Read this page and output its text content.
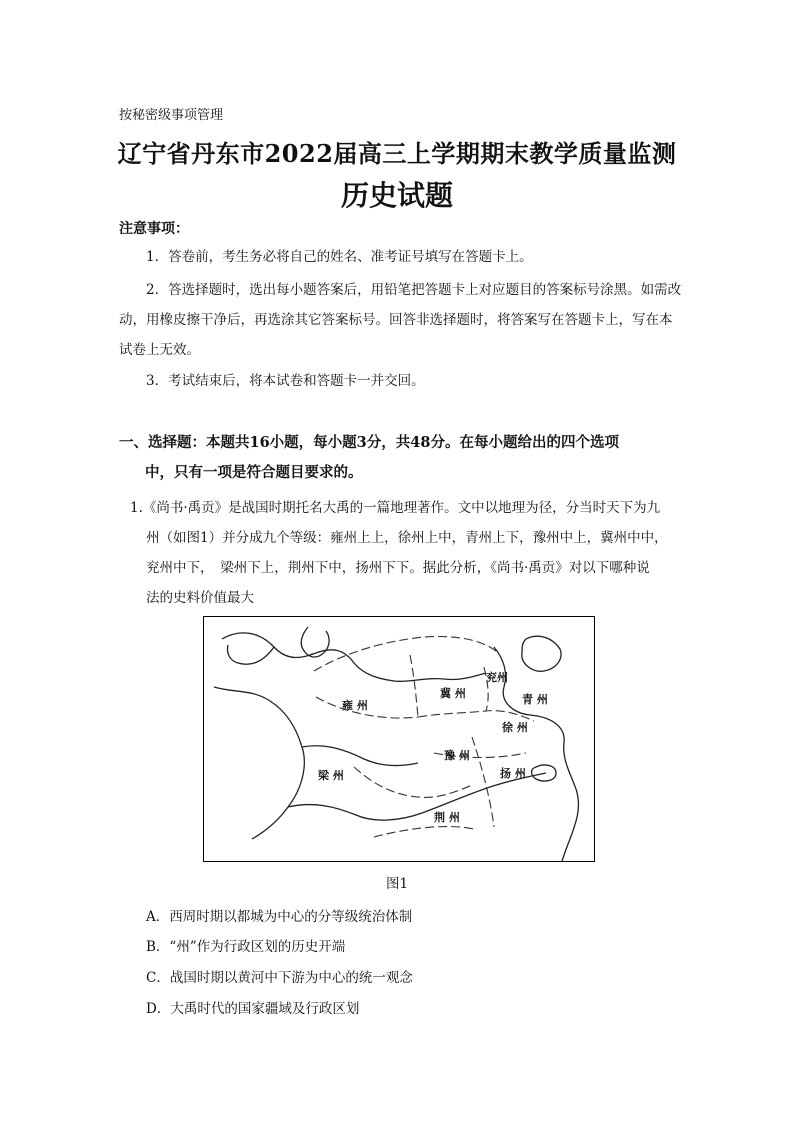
按秘密级事项管理
辽宁省丹东市2022届高三上学期期末教学质量监测
历史试题
注意事项：
1．答卷前，考生务必将自己的姓名、准考证号填写在答题卡上。
2．答选择题时，选出每小题答案后，用铅笔把答题卡上对应题目的答案标号涂黑。如需改动，用橡皮擦干净后，再选涂其它答案标号。回答非选择题时，将答案写在答题卡上，写在本试卷上无效。
3．考试结束后，将本试卷和答题卡一并交回。
一、选择题：本题共16小题，每小题3分，共48分。在每小题给出的四个选项
中，只有一项是符合题目要求的。
1.《尚书·禹贡》是战国时期托名大禹的一篇地理著作。文中以地理为径，分当时天下为九
州（如图1）并分成九个等级：雍州上上，徐州上中，青州上下，豫州中上，冀州中中，
兖州中下，　梁州下上，荆州下中，扬州下下。据此分析，《尚书·禹贡》对以下哪种说
法的史料价值最大
雍 州
冀 州
兖州
青 州
徐 州
豫 州
梁 州	扬 州
荆 州
图1
A．西周时期以都城为中心的分等级统治体制
B．“州”作为行政区划的历史开端
C．战国时期以黄河中下游为中心的统一观念
D．大禹时代的国家疆域及行政区划
